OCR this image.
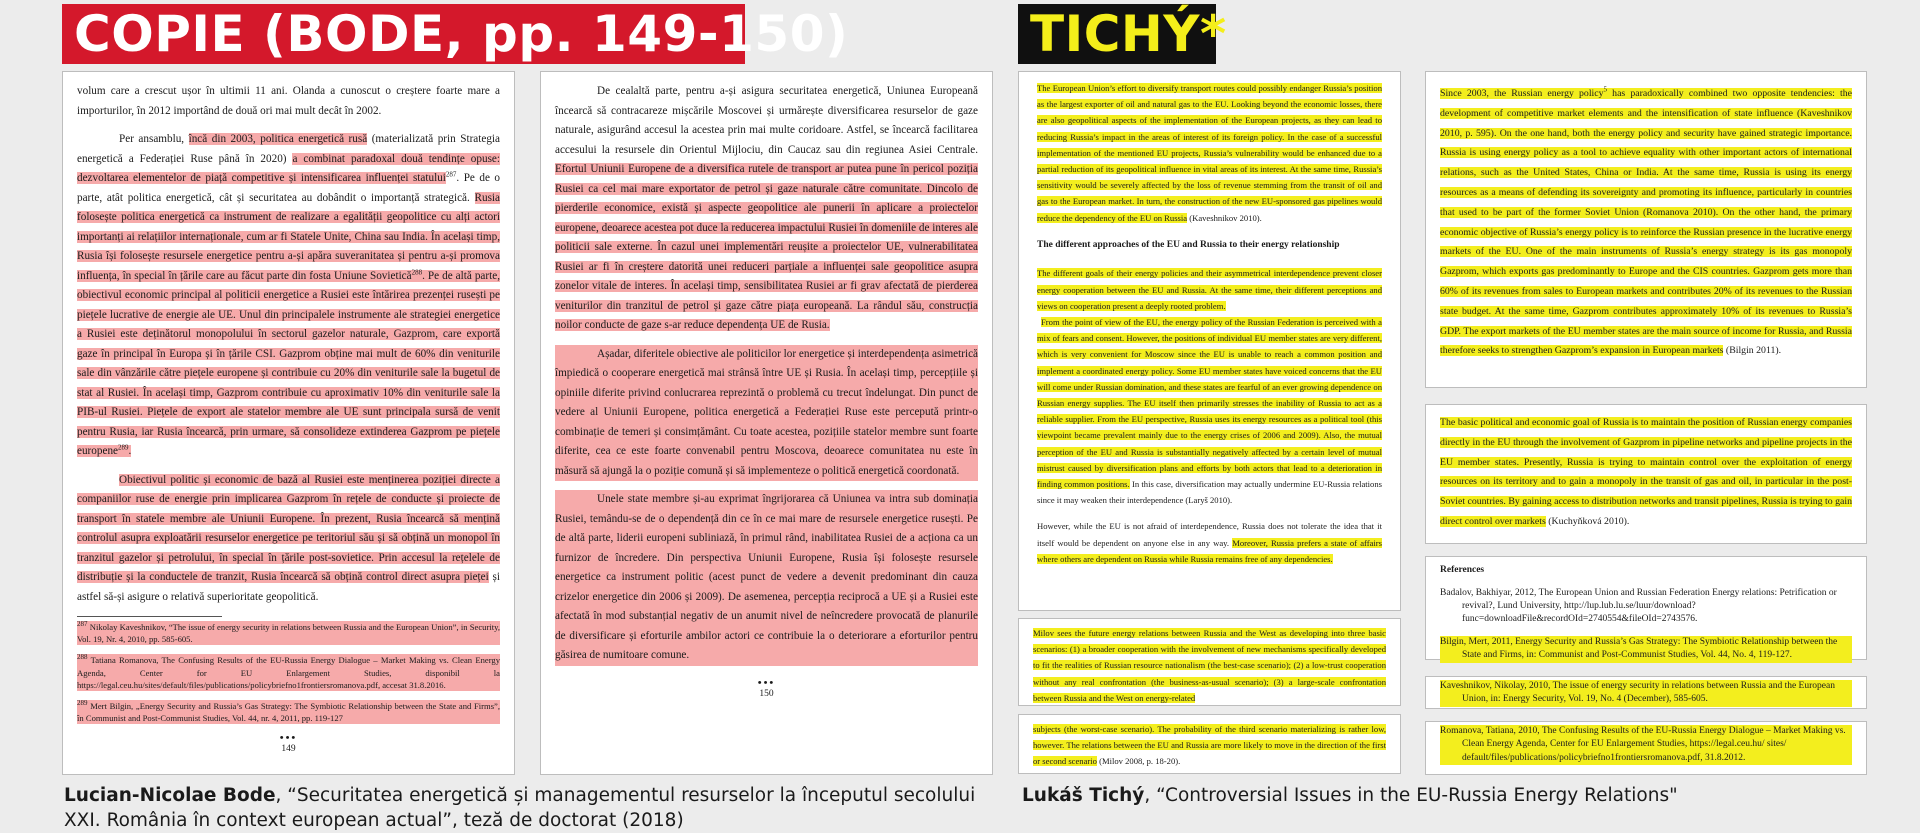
COPIE (BODE, pp. 149-150)	TICHÝ*

volum care a crescut ușor în ultimii 11 ani. Olanda a cunoscut o creștere foarte mare a importurilor, în 2012 importând de două ori mai mult decât în 2002.

Per ansamblu, încă din 2003, politica energetică rusă (materializată prin Strategia energetică a Federației Ruse până în 2020) a combinat paradoxal două tendințe opuse: dezvoltarea elementelor de piață competitive și intensificarea influenței statului$^{287}$. Pe de o parte, atât politica energetică, cât și securitatea au dobândit o importanță strategică. Rusia folosește politica energetică ca instrument de realizare a egalității geopolitice cu alți actori importanți ai relațiilor internaționale, cum ar fi Statele Unite, China sau India. În același timp, Rusia își folosește resursele energetice pentru a-și apăra suveranitatea și pentru a-și promova influența, în special în țările care au făcut parte din fosta Uniune Sovietică$^{288}$. Pe de altă parte, obiectivul economic principal al politicii energetice a Rusiei este întărirea prezenței rusești pe piețele lucrative de energie ale UE. Unul din principalele instrumente ale strategiei energetice a Rusiei este deținătorul monopolului în sectorul gazelor naturale, Gazprom, care exportă gaze în principal în Europa și în țările CSI. Gazprom obține mai mult de 60% din veniturile sale din vânzările către piețele europene și contribuie cu 20% din veniturile sale la bugetul de stat al Rusiei. În același timp, Gazprom contribuie cu aproximativ 10% din veniturile sale la PIB-ul Rusiei. Piețele de export ale statelor membre ale UE sunt principala sursă de venit pentru Rusia, iar Rusia încearcă, prin urmare, să consolideze extinderea Gazprom pe piețele europene$^{289}$.

Obiectivul politic și economic de bază al Rusiei este menținerea poziției directe a companiilor ruse de energie prin implicarea Gazprom în rețele de conducte și proiecte de transport în statele membre ale Uniunii Europene. În prezent, Rusia încearcă să mențină controlul asupra exploatării resurselor energetice pe teritoriul său și să obțină un monopol în tranzitul gazelor și petrolului, în special în țările post-sovietice. Prin accesul la rețelele de distribuție și la conductele de tranzit, Rusia încearcă să obțină control direct asupra pieței și astfel să-și asigure o relativă superioritate geopolitică.

$^{287}$ Nikolay Kaveshnikov, “The issue of energy security in relations between Russia and the European Union”, in Security, Vol. 19, Nr. 4, 2010, pp. 585-605.

$^{288}$ Tatiana Romanova, The Confusing Results of the EU-Russia Energy Dialogue – Market Making vs. Clean Energy Agenda, Center for EU Enlargement Studies, disponibil la https://legal.ceu.hu/sites/default/files/publications/policybriefno1frontiersromanova.pdf, accesat 31.8.2016.

$^{289}$ Mert Bilgin, „Energy Security and Russia’s Gas Strategy: The Symbiotic Relationship between the State and Firms”, în Communist and Post-Communist Studies, Vol. 44, nr. 4, 2011, pp. 119-127

•••
149

De cealaltă parte, pentru a-și asigura securitatea energetică, Uniunea Europeană încearcă să contracareze mișcările Moscovei și urmărește diversificarea resurselor de gaze naturale, asigurând accesul la acestea prin mai multe coridoare. Astfel, se încearcă facilitarea accesului la resursele din Orientul Mijlociu, din Caucaz sau din regiunea Asiei Centrale. Efortul Uniunii Europene de a diversifica rutele de transport ar putea pune în pericol poziția Rusiei ca cel mai mare exportator de petrol și gaze naturale către comunitate. Dincolo de pierderile economice, există și aspecte geopolitice ale punerii în aplicare a proiectelor europene, deoarece acestea pot duce la reducerea impactului Rusiei în domeniile de interes ale politicii sale externe. În cazul unei implementări reușite a proiectelor UE, vulnerabilitatea Rusiei ar fi în creștere datorită unei reduceri parțiale a influenței sale geopolitice asupra zonelor vitale de interes. În același timp, sensibilitatea Rusiei ar fi grav afectată de pierderea veniturilor din tranzitul de petrol și gaze către piața europeană. La rândul său, construcția noilor conducte de gaze s-ar reduce dependența UE de Rusia.

Așadar, diferitele obiective ale politicilor lor energetice și interdependența asimetrică împiedică o cooperare energetică mai strânsă între UE și Rusia. În același timp, percepțiile și opiniile diferite privind conlucrarea reprezintă o problemă cu trecut îndelungat. Din punct de vedere al Uniunii Europene, politica energetică a Federației Ruse este percepută printr-o combinație de temeri și consimțământ. Cu toate acestea, pozițiile statelor membre sunt foarte diferite, cea ce este foarte convenabil pentru Moscova, deoarece comunitatea nu este în măsură să ajungă la o poziție comună și să implementeze o politică energetică coordonată.

Unele state membre și-au exprimat îngrijorarea că Uniunea va intra sub dominația Rusiei, temându-se de o dependență din ce în ce mai mare de resursele energetice rusești. Pe de altă parte, liderii europeni subliniază, în primul rând, inabilitatea Rusiei de a acționa ca un furnizor de încredere. Din perspectiva Uniunii Europene, Rusia își folosește resursele energetice ca instrument politic (acest punct de vedere a devenit predominant din cauza crizelor energetice din 2006 și 2009). De asemenea, percepția reciprocă a UE și a Rusiei este afectată în mod substanțial negativ de un anumit nivel de neîncredere provocată de planurile de diversificare și eforturile ambilor actori ce contribuie la o deteriorare a eforturilor pentru găsirea de numitoare comune.

•••
150
The European Union’s effort to diversify transport routes could possibly endanger Russia’s position as the largest exporter of oil and natural gas to the EU. Looking beyond the economic losses, there are also geopolitical aspects of the implementation of the European projects, as they can lead to reducing Russia’s impact in the areas of interest of its foreign policy. In the case of a successful implementation of the mentioned EU projects, Russia’s vulnerability would be enhanced due to a partial reduction of its geopolitical influence in vital areas of its interest. At the same time, Russia’s sensitivity would be severely affected by the loss of revenue stemming from the transit of oil and gas to the European market. In turn, the construction of the new EU-sponsored gas pipelines would reduce the dependency of the EU on Russia (Kaveshnikov 2010).
The different approaches of the EU and Russia to their energy relationship
The different goals of their energy policies and their asymmetrical interdependence prevent closer energy cooperation between the EU and Russia. At the same time, their different perceptions and views on cooperation present a deeply rooted problem.
From the point of view of the EU, the energy policy of the Russian Federation is perceived with a mix of fears and consent. However, the positions of individual EU member states are very different, which is very convenient for Moscow since the EU is unable to reach a common position and implement a coordinated energy policy. Some EU member states have voiced concerns that the EU will come under Russian domination, and these states are fearful of an ever growing dependence on Russian energy supplies. The EU itself then primarily stresses the inability of Russia to act as a reliable supplier. From the EU perspective, Russia uses its energy resources as a political tool (this viewpoint became prevalent mainly due to the energy crises of 2006 and 2009). Also, the mutual perception of the EU and Russia is substantially negatively affected by a certain level of mutual mistrust caused by diversification plans and efforts by both actors that lead to a deterioration in finding common positions. In this case, diversification may actually undermine EU-Russia relations since it may weaken their interdependence (Laryš 2010).
However, while the EU is not afraid of interdependence, Russia does not tolerate the idea that it itself would be dependent on anyone else in any way. Moreover, Russia prefers a state of affairs where others are dependent on Russia while Russia remains free of any dependencies.
Milov sees the future energy relations between Russia and the West as developing into three basic scenarios: (1) a broader cooperation with the involvement of new mechanisms specifically developed to fit the realities of Russian resource nationalism (the best-case scenario); (2) a low-trust cooperation without any real confrontation (the business-as-usual scenario); (3) a large-scale confrontation between Russia and the West on energy-related
subjects (the worst-case scenario). The probability of the third scenario materializing is rather low, however. The relations between the EU and Russia are more likely to move in the direction of the first or second scenario (Milov 2008, p. 18-20).
Since 2003, the Russian energy policy$^5$ has paradoxically combined two opposite tendencies: the development of competitive market elements and the intensification of state influence (Kaveshnikov 2010, p. 595). On the one hand, both the energy policy and security have gained strategic importance. Russia is using energy policy as a tool to achieve equality with other important actors of international relations, such as the United States, China or India. At the same time, Russia is using its energy resources as a means of defending its sovereignty and promoting its influence, particularly in countries that used to be part of the former Soviet Union (Romanova 2010). On the other hand, the primary economic objective of Russia’s energy policy is to reinforce the Russian presence in the lucrative energy markets of the EU. One of the main instruments of Russia’s energy strategy is its gas monopoly Gazprom, which exports gas predominantly to Europe and the CIS countries. Gazprom gets more than 60% of its revenues from sales to European markets and contributes 20% of its revenues to the Russian state budget. At the same time, Gazprom contributes approximately 10% of its revenues to Russia’s GDP. The export markets of the EU member states are the main source of income for Russia, and Russia therefore seeks to strengthen Gazprom’s expansion in European markets (Bilgin 2011).
The basic political and economic goal of Russia is to maintain the position of Russian energy companies directly in the EU through the involvement of Gazprom in pipeline networks and pipeline projects in the EU member states. Presently, Russia is trying to maintain control over the exploitation of energy resources on its territory and to gain a monopoly in the transit of gas and oil, in particular in the post-Soviet countries. By gaining access to distribution networks and transit pipelines, Russia is trying to gain direct control over markets (Kuchyňková 2010).
References

Badalov, Bakhiyar, 2012, The European Union and Russian Federation Energy relations: Petrification or revival?, Lund University, http://lup.lub.lu.se/luur/download?func=downloadFile&recordOId=2740554&fileOId=2743576.

Bilgin, Mert, 2011, Energy Security and Russia’s Gas Strategy: The Symbiotic Relationship between the State and Firms, in: Communist and Post-Communist Studies, Vol. 44, No. 4, 119-127.

Kaveshnikov, Nikolay, 2010, The issue of energy security in relations between Russia and the European Union, in: Energy Security, Vol. 19, No. 4 (December), 585-605.

Romanova, Tatiana, 2010, The Confusing Results of the EU-Russia Energy Dialogue – Market Making vs. Clean Energy Agenda, Center for EU Enlargement Studies, https://legal.ceu.hu/ sites/ default/files/publications/policybriefno1frontiersromanova.pdf, 31.8.2012.

Lucian-Nicolae Bode, “Securitatea energetică și managementul resurselor la începutul secolului XXI. România în context european actual”, teză de doctorat (2018)
Lukáš Tichý, “Controversial Issues in the EU-Russia Energy Relations"
